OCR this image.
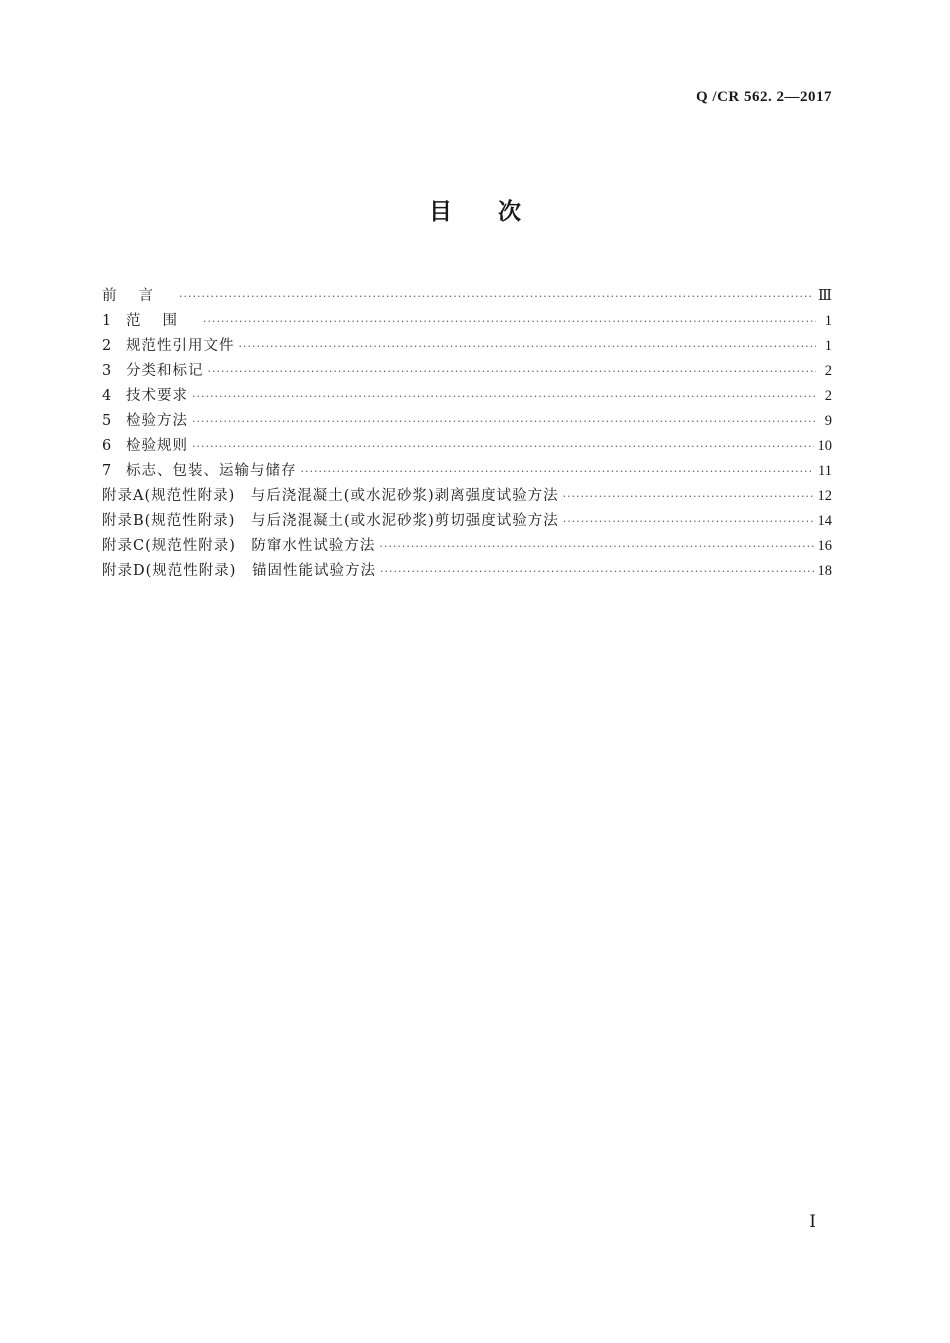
Q /CR 562. 2—2017
目次
前言 ·····	Ⅲ
1	范围 ·····	1
2	规范性引用文件 ·····	1
3	分类和标记 ·····	2
4	技术要求 ·····	2
5	检验方法 ·····	9
6	检验规则 ·····	10
7	标志、包装、运输与储存 ·····	11
附录A(规范性附录)　与后浇混凝土(或水泥砂浆)剥离强度试验方法 ·····	12
附录B(规范性附录)　与后浇混凝土(或水泥砂浆)剪切强度试验方法 ·····	14
附录C(规范性附录)　防窜水性试验方法 ·····	16
附录D(规范性附录)　锚固性能试验方法 ·····	18
Ⅰ
